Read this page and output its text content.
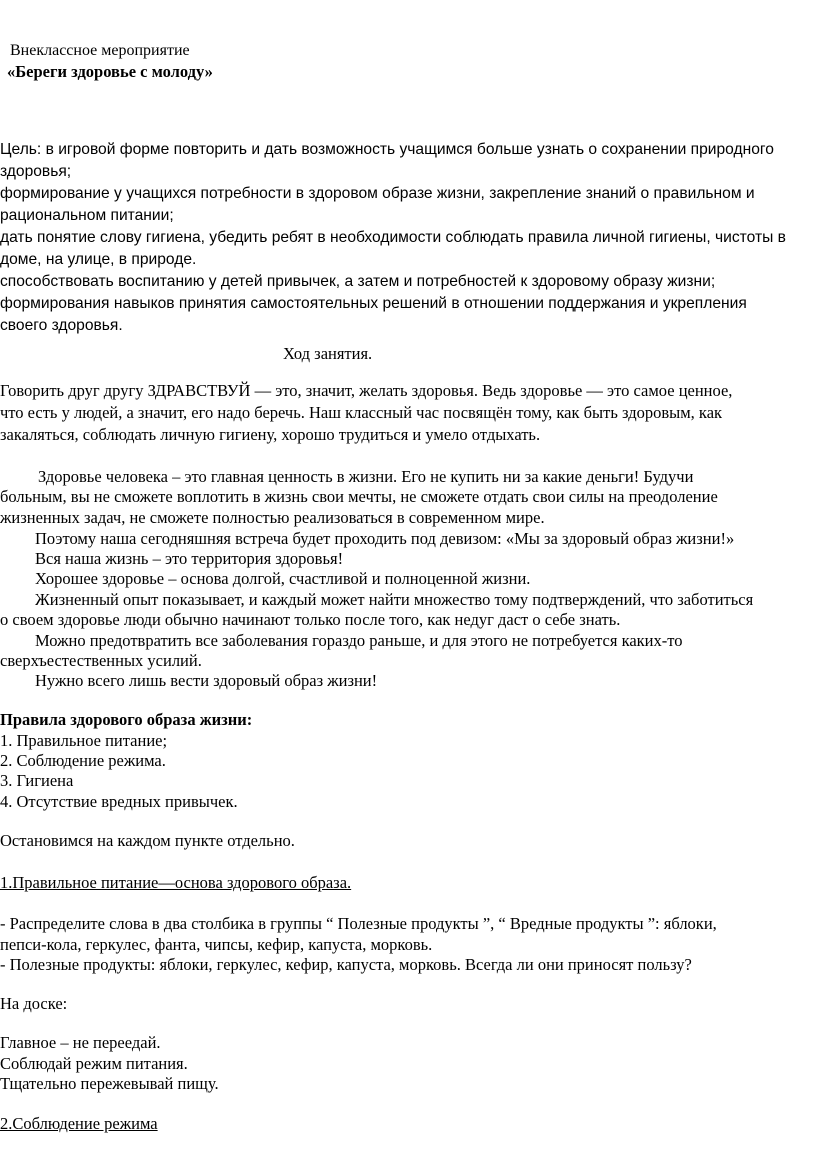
Внеклассное мероприятие
«Береги здоровье с молоду»
Цель: в игровой форме повторить и дать возможность учащимся больше узнать о сохранении природного
здоровья;
формирование у учащихся потребности в здоровом образе жизни, закрепление знаний о правильном и
рациональном питании;
дать понятие слову гигиена, убедить ребят в необходимости соблюдать правила личной гигиены, чистоты в
доме, на улице, в природе.
способствовать воспитанию у детей привычек, а затем и потребностей к здоровому образу жизни;
формирования навыков принятия самостоятельных решений в отношении поддержания и укрепления
своего здоровья.
Ход занятия.
Говорить друг другу ЗДРАВСТВУЙ — это, значит, желать здоровья. Ведь здоровье — это самое ценное,
что есть у людей, а значит, его надо беречь. Наш классный час посвящён тому, как быть здоровым, как
закаляться, соблюдать личную гигиену, хорошо трудиться и умело отдыхать.
Здоровье человека – это главная ценность в жизни. Его не купить ни за какие деньги! Будучи
больным, вы не сможете воплотить в жизнь свои мечты, не сможете отдать свои силы на преодоление
жизненных задач, не сможете полностью реализоваться в современном мире.
Поэтому наша сегодняшняя встреча будет проходить под девизом: «Мы за здоровый образ жизни!»
Вся наша жизнь – это территория здоровья!
Хорошее здоровье – основа долгой, счастливой и полноценной жизни.
Жизненный опыт показывает, и каждый может найти множество тому подтверждений, что заботиться
о своем здоровье люди обычно начинают только после того, как недуг даст о себе знать.
Можно предотвратить все заболевания гораздо раньше, и для этого не потребуется каких-то
сверхъестественных усилий.
Нужно всего лишь вести здоровый образ жизни!
Правила здорового образа жизни:
1. Правильное питание;
2. Соблюдение режима.
3. Гигиена
4. Отсутствие вредных привычек.
Остановимся на каждом пункте отдельно.
1.Правильное питание—основа здорового образа.
- Распределите слова в два столбика в группы “ Полезные продукты ”, “ Вредные продукты ”: яблоки,
пепси-кола, геркулес, фанта, чипсы, кефир, капуста, морковь.
- Полезные продукты: яблоки, геркулес, кефир, капуста, морковь. Всегда ли они приносят пользу?
На доске:
Главное – не переедай.
Соблюдай режим питания.
Тщательно пережевывай пищу.
2.Соблюдение режима
